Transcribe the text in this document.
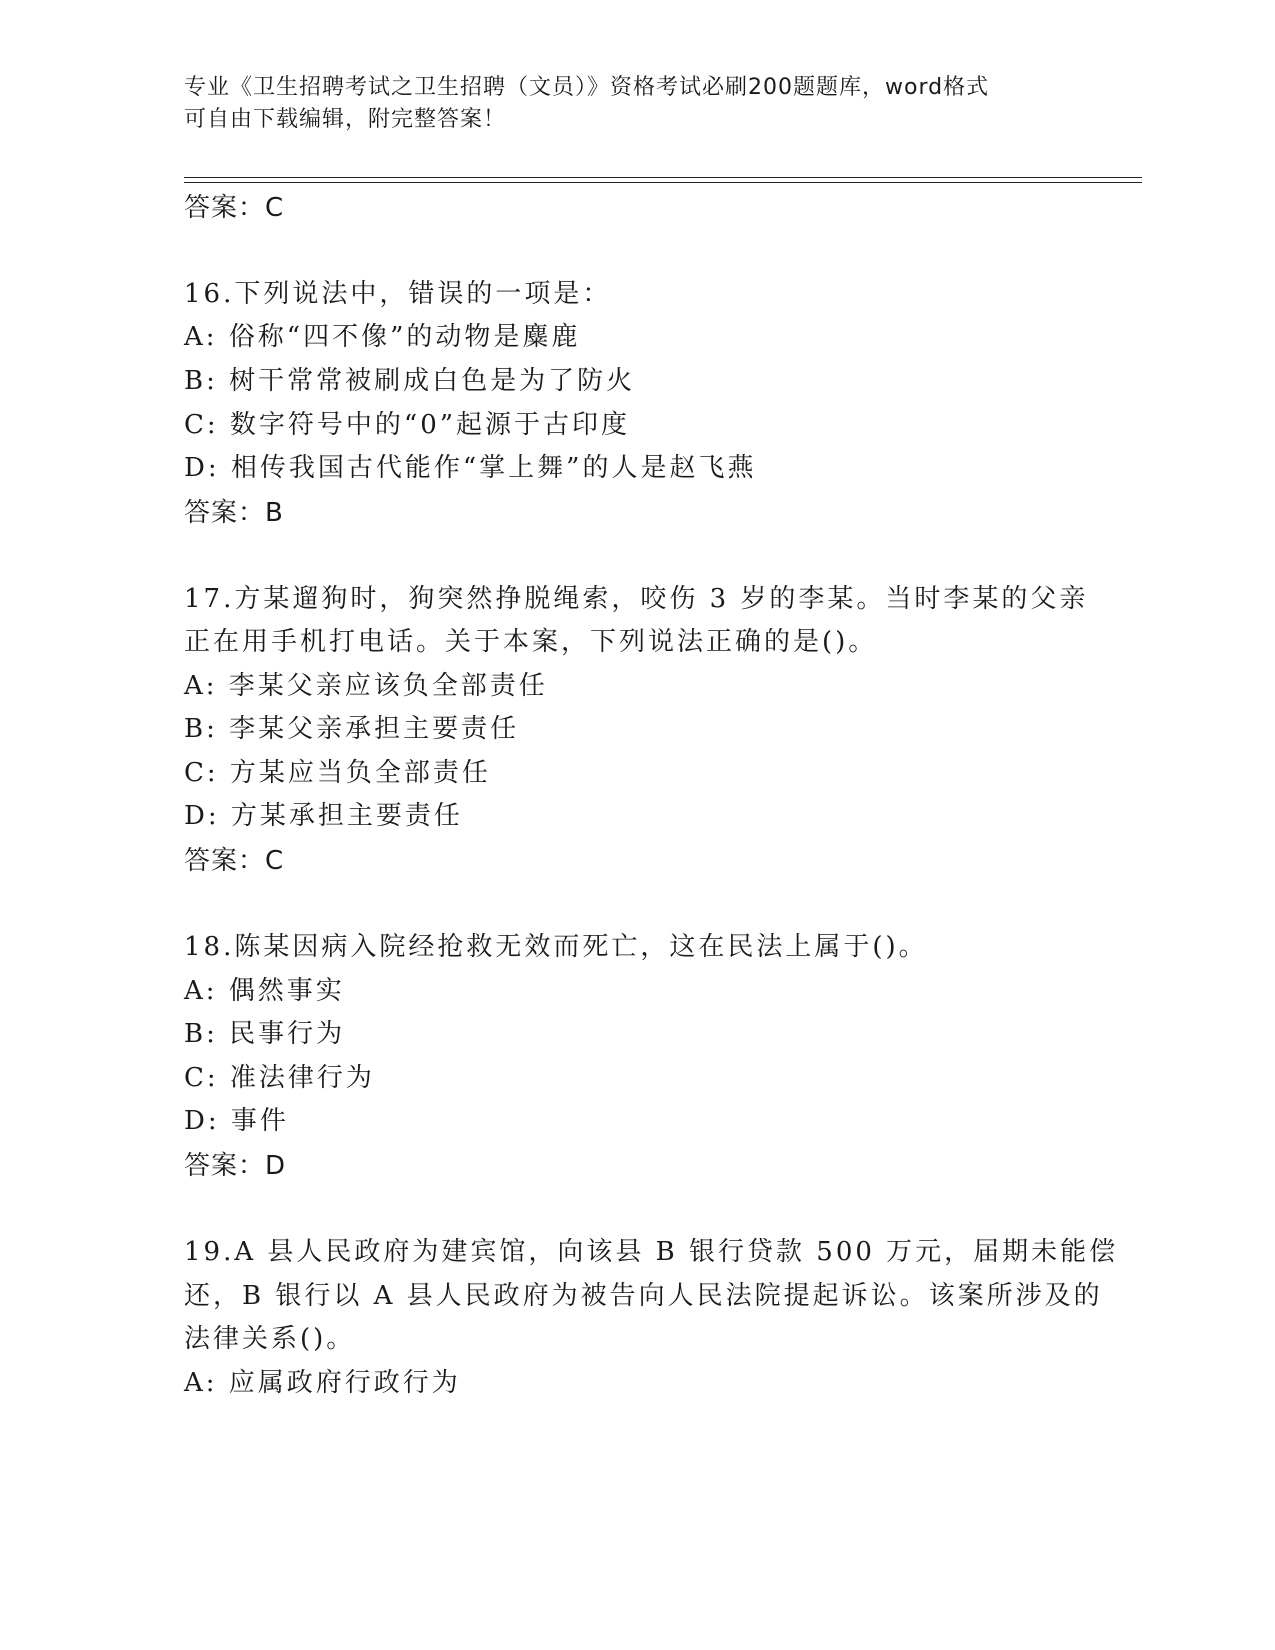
专业《卫生招聘考试之卫生招聘（文员）》资格考试必刷200题题库，word格式
可自由下载编辑，附完整答案！
答案：C
16.下列说法中，错误的一项是：
A: 俗称“四不像”的动物是麋鹿
B: 树干常常被刷成白色是为了防火
C: 数字符号中的“0”起源于古印度
D: 相传我国古代能作“掌上舞”的人是赵飞燕
答案：B
17.方某遛狗时，狗突然挣脱绳索，咬伤 3 岁的李某。当时李某的父亲
正在用手机打电话。关于本案，下列说法正确的是()。
A: 李某父亲应该负全部责任
B: 李某父亲承担主要责任
C: 方某应当负全部责任
D: 方某承担主要责任
答案：C
18.陈某因病入院经抢救无效而死亡，这在民法上属于()。
A: 偶然事实
B: 民事行为
C: 准法律行为
D: 事件
答案：D
19.A 县人民政府为建宾馆，向该县 B 银行贷款 500 万元，届期未能偿
还，B 银行以 A 县人民政府为被告向人民法院提起诉讼。该案所涉及的
法律关系()。
A: 应属政府行政行为
